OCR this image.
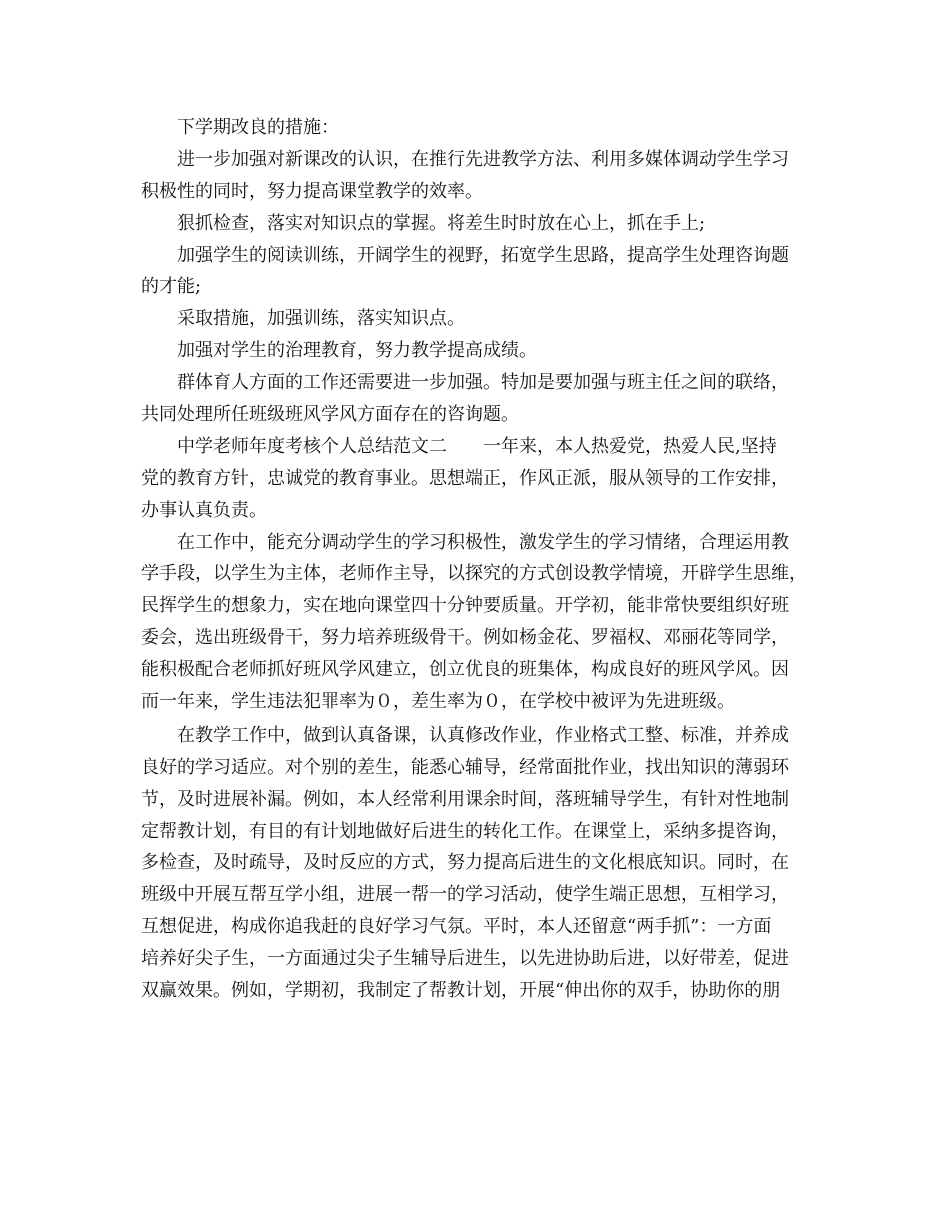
下学期改良的措施：
进一步加强对新课改的认识，在推行先进教学方法、利用多媒体调动学生学习
积极性的同时，努力提高课堂教学的效率。
狠抓检查，落实对知识点的掌握。将差生时时放在心上，抓在手上;
加强学生的阅读训练，开阔学生的视野，拓宽学生思路，提高学生处理咨询题
的才能;
采取措施，加强训练，落实知识点。
加强对学生的治理教育，努力教学提高成绩。
群体育人方面的工作还需要进一步加强。特加是要加强与班主任之间的联络，
共同处理所任班级班风学风方面存在的咨询题。
中学老师年度考核个人总结范文二　　一年来，本人热爱党，热爱人民,坚持
党的教育方针，忠诚党的教育事业。思想端正，作风正派，服从领导的工作安排，
办事认真负责。
在工作中，能充分调动学生的学习积极性，激发学生的学习情绪，合理运用教
学手段，以学生为主体，老师作主导，以探究的方式创设教学情境，开辟学生思维，
民挥学生的想象力，实在地向课堂四十分钟要质量。开学初，能非常快要组织好班
委会，选出班级骨干，努力培养班级骨干。例如杨金花、罗福权、邓丽花等同学，
能积极配合老师抓好班风学风建立，创立优良的班集体，构成良好的班风学风。因
而一年来，学生违法犯罪率为０，差生率为０，在学校中被评为先进班级。
在教学工作中，做到认真备课，认真修改作业，作业格式工整、标准，并养成
良好的学习适应。对个别的差生，能悉心辅导，经常面批作业，找出知识的薄弱环
节，及时进展补漏。例如，本人经常利用课余时间，落班辅导学生，有针对性地制
定帮教计划，有目的有计划地做好后进生的转化工作。在课堂上，采纳多提咨询，
多检查，及时疏导，及时反应的方式，努力提高后进生的文化根底知识。同时，在
班级中开展互帮互学小组，进展一帮一的学习活动，使学生端正思想，互相学习，
互想促进，构成你追我赶的良好学习气氛。平时，本人还留意“两手抓”：一方面
培养好尖子生，一方面通过尖子生辅导后进生，以先进协助后进，以好带差，促进
双赢效果。例如，学期初，我制定了帮教计划，开展“伸出你的双手，协助你的朋
